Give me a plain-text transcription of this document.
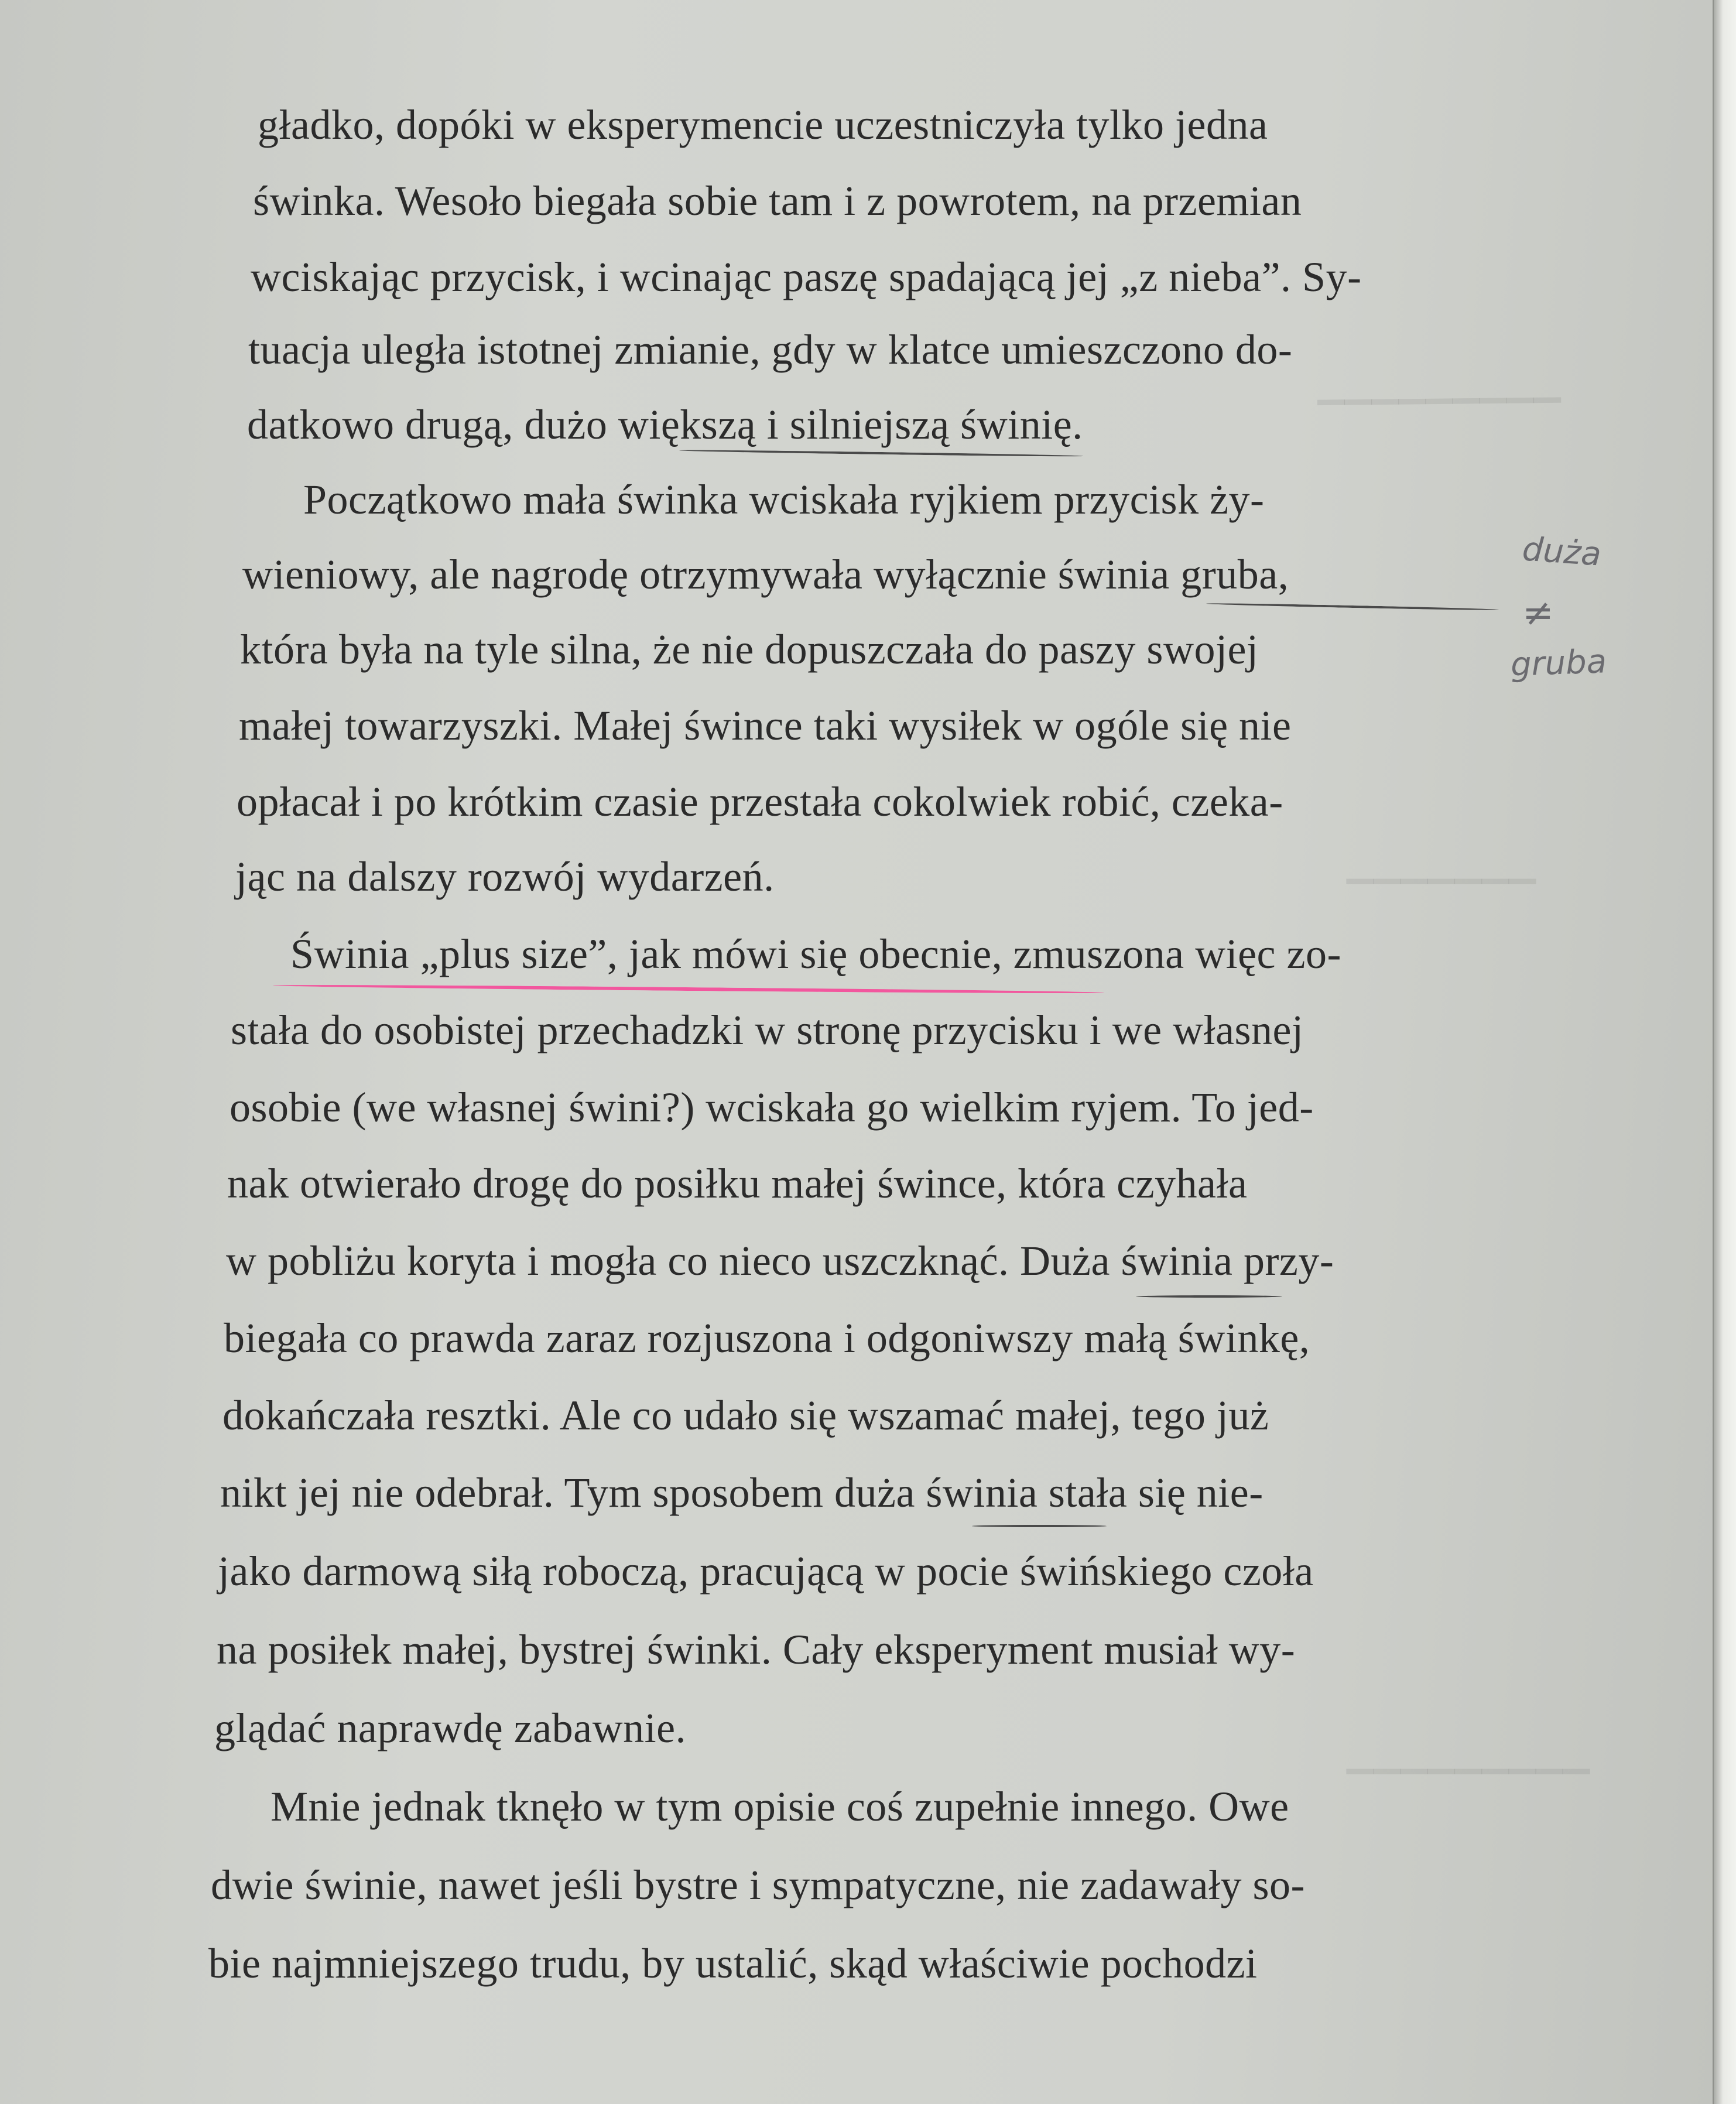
▁▁▁▁▁▁▁▁▁
▁▁▁▁▁▁▁
▁▁▁▁▁▁▁▁▁
gładko, dopóki w eksperymencie uczestniczyła tylko jedna
świnka. Wesoło biegała sobie tam i z powrotem, na przemian
wciskając przycisk, i wcinając paszę spadającą jej „z nieba”. Sy-
tuacja uległa istotnej zmianie, gdy w klatce umieszczono do-
datkowo drugą, dużo większą i silniejszą świnię.
Początkowo mała świnka wciskała ryjkiem przycisk ży-
wieniowy, ale nagrodę otrzymywała wyłącznie świnia gruba,
która była na tyle silna, że nie dopuszczała do paszy swojej
małej towarzyszki. Małej śwince taki wysiłek w ogóle się nie
opłacał i po krótkim czasie przestała cokolwiek robić, czeka-
jąc na dalszy rozwój wydarzeń.
Świnia „plus size”, jak mówi się obecnie, zmuszona więc zo-
stała do osobistej przechadzki w stronę przycisku i we własnej
osobie (we własnej świni?) wciskała go wielkim ryjem. To jed-
nak otwierało drogę do posiłku małej śwince, która czyhała
w pobliżu koryta i mogła co nieco uszczknąć. Duża świnia przy-
biegała co prawda zaraz rozjuszona i odgoniwszy małą świnkę,
dokańczała resztki. Ale co udało się wszamać małej, tego już
nikt jej nie odebrał. Tym sposobem duża świnia stała się nie-
jako darmową siłą roboczą, pracującą w pocie świńskiego czoła
na posiłek małej, bystrej świnki. Cały eksperyment musiał wy-
glądać naprawdę zabawnie.
Mnie jednak tknęło w tym opisie coś zupełnie innego. Owe
dwie świnie, nawet jeśli bystre i sympatyczne, nie zadawały so-
bie najmniejszego trudu, by ustalić, skąd właściwie pochodzi
duża
≠
gruba
